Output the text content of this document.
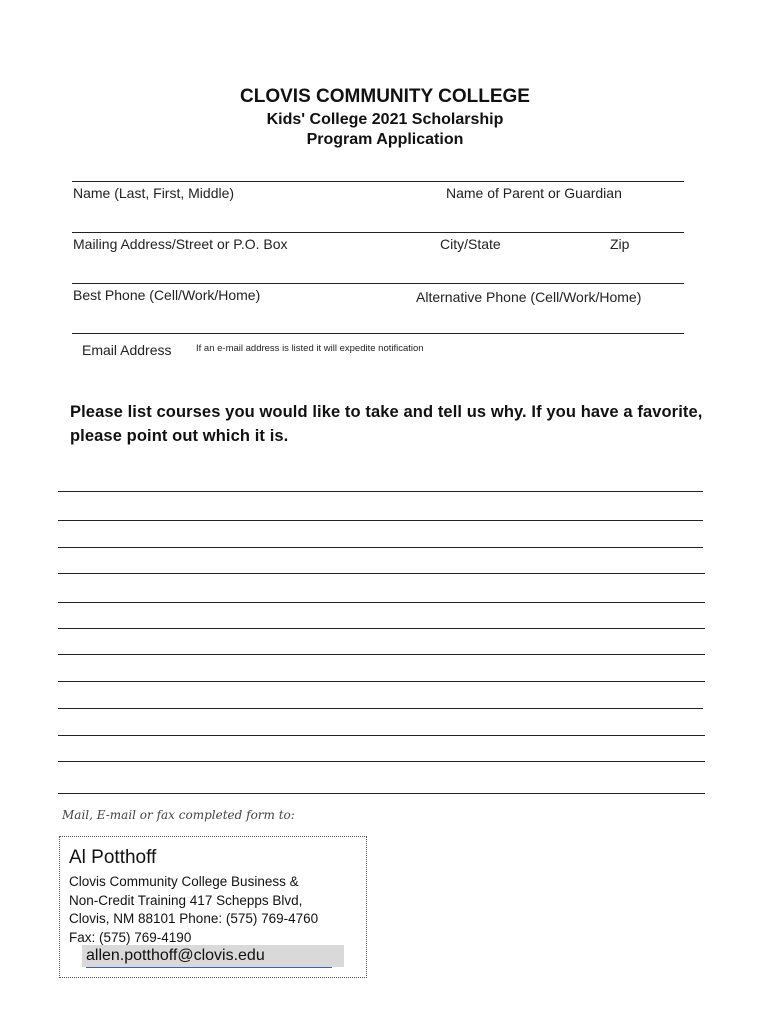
CLOVIS COMMUNITY COLLEGE
Kids' College 2021 Scholarship
Program Application
Name (Last, First, Middle)	Name of Parent or Guardian
Mailing Address/Street or P.O. Box	City/State	Zip
Best Phone (Cell/Work/Home)	Alternative Phone (Cell/Work/Home)
Email Address	If an e-mail address is listed it will expedite notification
Please list courses you would like to take and tell us why. If you have a favorite, please point out which it is.
Mail, E-mail or fax completed form to:
Al Potthoff
Clovis Community College Business &
Non-Credit Training 417 Schepps Blvd,
Clovis, NM 88101 Phone: (575) 769-4760
Fax: (575) 769-4190
allen.potthoff@clovis.edu
